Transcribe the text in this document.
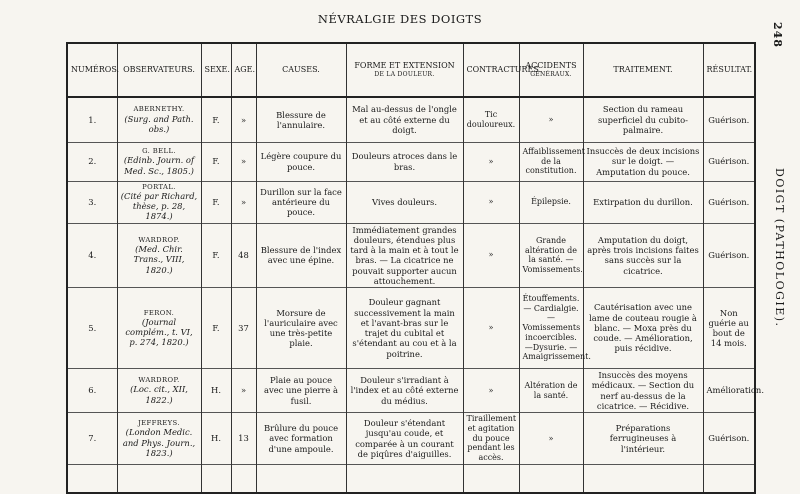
NÉVRALGIE DES DOIGTS
248
DOIGT (PATHOLOGIE).
NUMÉROS.	OBSERVATEURS.	SEXE.	AGE.	CAUSES.	FORME ET EXTENSION
DE LA DOULEUR.	CONTRACTURES.	ACCIDENTS
GÉNÉRAUX.	TRAITEMENT.	RÉSULTAT.
1.	ABERNETHY.
(Surg. and Path. obs.)	F.	»	Blessure de l'annulaire.	Mal au-dessus de l'ongle et au côté externe du doigt.	Tic douloureux.	»	Section du rameau superficiel du cubito-palmaire.	Guérison.
2.	G. BELL.
(Edinb. Journ. of Med. Sc., 1805.)	F.	»	Légère coupure du pouce.	Douleurs atroces dans le bras.	»	Affaiblissement de la constitution.	Insuccès de deux incisions sur le doigt. — Amputation du pouce.	Guérison.
3.	PORTAL.
(Cité par Richard, thèse, p. 28, 1874.)	F.	»	Durillon sur la face antérieure du pouce.	Vives douleurs.	»	Épilepsie.	Extirpation du durillon.	Guérison.
4.	WARDROP.
(Med. Chir. Trans., VIII, 1820.)	F.	48	Blessure de l'index avec une épine.	Immédiatement grandes douleurs, étendues plus tard à la main et à tout le bras. — La cicatrice ne pouvait supporter aucun attouchement.	»	Grande altération de la santé. — Vomissements.	Amputation du doigt, après trois incisions faites sans succès sur la cicatrice.	Guérison.
5.	FERON.
(Journal complém., t. VI, p. 274, 1820.)	F.	37	Morsure de l'auriculaire avec une très-petite plaie.	Douleur gagnant successivement la main et l'avant-bras sur le trajet du cubital et s'étendant au cou et à la poitrine.	»	Étouffements. — Cardialgie. — Vomissements incoercibles.—Dysurie. — Amaigrissement.	Cautérisation avec une lame de couteau rougie à blanc. — Moxa près du coude. — Amélioration, puis récidive.	Non guérie au bout de 14 mois.
6.	WARDROP.
(Loc. cit., XII, 1822.)	H.	»	Plaie au pouce avec une pierre à fusil.	Douleur s'irradiant à l'index et au côté externe du médius.	»	Altération de la santé.	Insuccès des moyens médicaux. — Section du nerf au-dessus de la cicatrice. — Récidive.	Amélioration.
7.	JEFFREYS.
(London Medic. and Phys. Journ., 1823.)	H.	13	Brûlure du pouce avec formation d'une ampoule.	Douleur s'étendant jusqu'au coude, et comparée à un courant de piqûres d'aiguilles.	Tiraillement et agitation du pouce pendant les accès.	»	Préparations ferrugineuses à l'intérieur.	Guérison.
